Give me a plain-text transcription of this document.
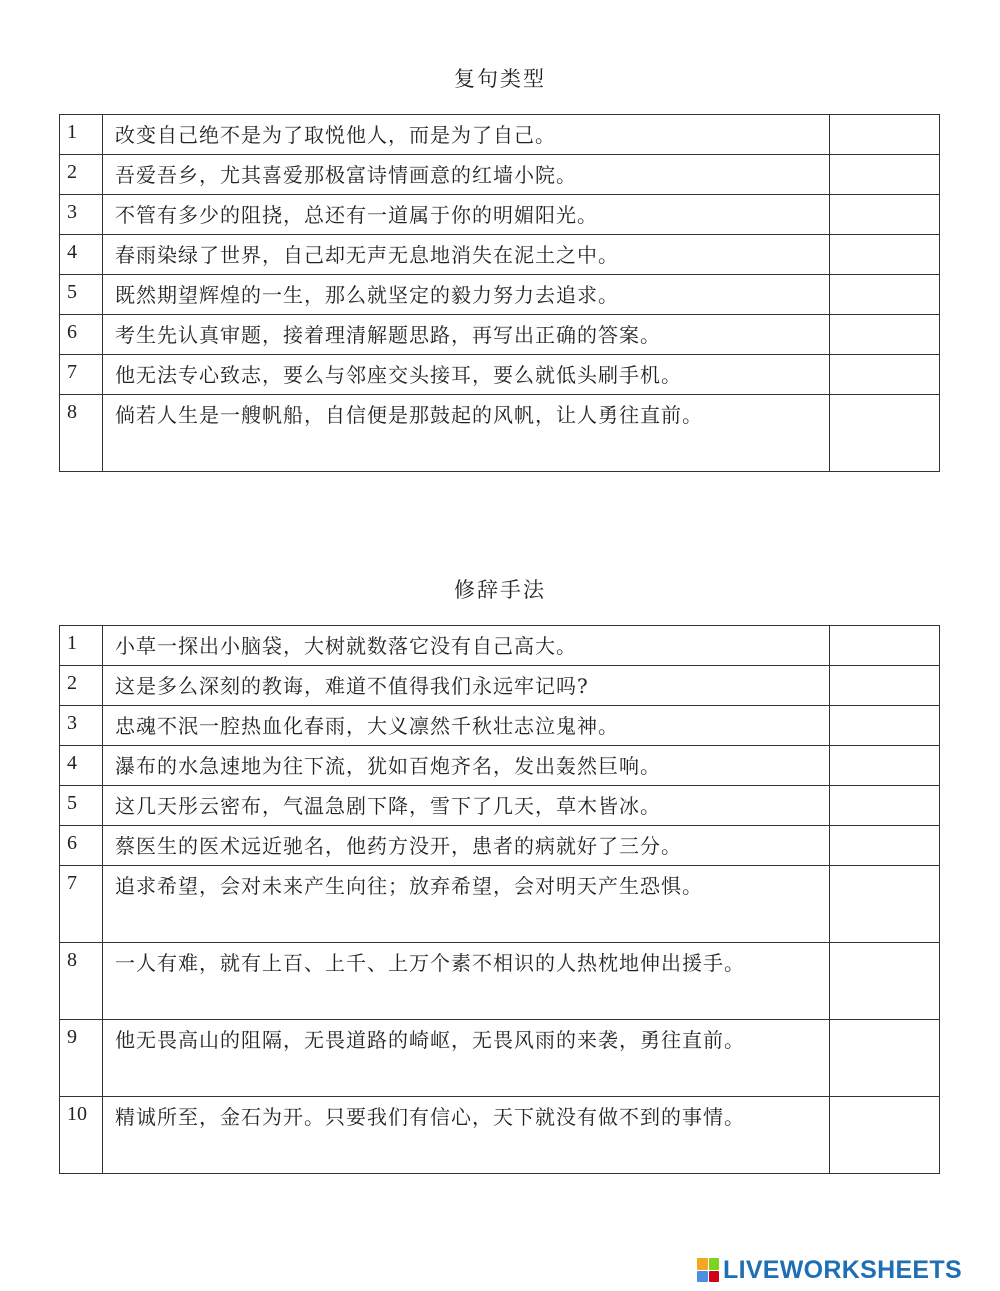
复句类型
1	改变自己绝不是为了取悦他人，而是为了自己。	
2	吾爱吾乡，尤其喜爱那极富诗情画意的红墙小院。	
3	不管有多少的阻挠，总还有一道属于你的明媚阳光。	
4	春雨染绿了世界，自己却无声无息地消失在泥土之中。	
5	既然期望辉煌的一生，那么就坚定的毅力努力去追求。	
6	考生先认真审题，接着理清解题思路，再写出正确的答案。	
7	他无法专心致志，要么与邻座交头接耳，要么就低头刷手机。	
8	倘若人生是一艘帆船，自信便是那鼓起的风帆，让人勇往直前。	
修辞手法
1	小草一探出小脑袋，大树就数落它没有自己高大。	
2	这是多么深刻的教诲，难道不值得我们永远牢记吗?	
3	忠魂不泯一腔热血化春雨，大义凛然千秋壮志泣鬼神。	
4	瀑布的水急速地为往下流，犹如百炮齐名，发出轰然巨响。	
5	这几天彤云密布，气温急剧下降，雪下了几天，草木皆冰。	
6	蔡医生的医术远近驰名，他药方没开，患者的病就好了三分。	
7	追求希望，会对未来产生向往；放弃希望，会对明天产生恐惧。	
8	一人有难，就有上百、上千、上万个素不相识的人热枕地伸出援手。	
9	他无畏高山的阻隔，无畏道路的崎岖，无畏风雨的来袭，勇往直前。	
10	精诚所至，金石为开。只要我们有信心，天下就没有做不到的事情。	
LIVEWORKSHEETS
